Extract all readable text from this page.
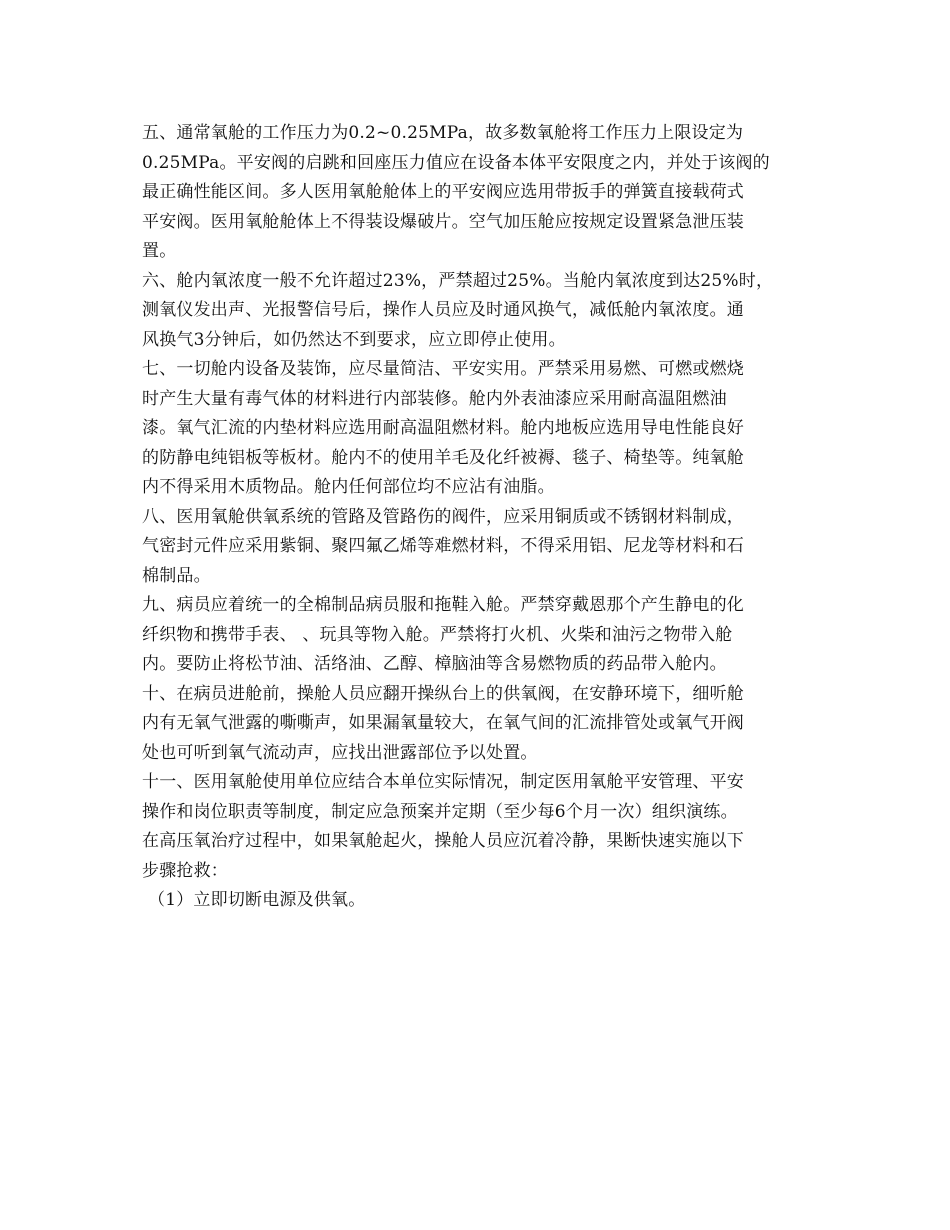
五、通常氧舱的工作压力为0.2~0.25MPa，故多数氧舱将工作压力上限设定为
0.25MPa。平安阀的启跳和回座压力值应在设备本体平安限度之内，并处于该阀的
最正确性能区间。多人医用氧舱舱体上的平安阀应选用带扳手的弹簧直接载荷式
平安阀。医用氧舱舱体上不得装设爆破片。空气加压舱应按规定设置紧急泄压装
置。
六、舱内氧浓度一般不允许超过23%，严禁超过25%。当舱内氧浓度到达25%时，
测氧仪发出声、光报警信号后，操作人员应及时通风换气，减低舱内氧浓度。通
风换气3分钟后，如仍然达不到要求，应立即停止使用。
七、一切舱内设备及装饰，应尽量简洁、平安实用。严禁采用易燃、可燃或燃烧
时产生大量有毒气体的材料进行内部装修。舱内外表油漆应采用耐高温阻燃油
漆。氧气汇流的内垫材料应选用耐高温阻燃材料。舱内地板应选用导电性能良好
的防静电纯铝板等板材。舱内不的使用羊毛及化纤被褥、毯子、椅垫等。纯氧舱
内不得采用木质物品。舱内任何部位均不应沾有油脂。
八、医用氧舱供氧系统的管路及管路伤的阀件，应采用铜质或不锈钢材料制成，
气密封元件应采用紫铜、聚四氟乙烯等难燃材料，不得采用铝、尼龙等材料和石
棉制品。
九、病员应着统一的全棉制品病员服和拖鞋入舱。严禁穿戴恩那个产生静电的化
纤织物和携带手表、 、玩具等物入舱。严禁将打火机、火柴和油污之物带入舱
内。要防止将松节油、活络油、乙醇、樟脑油等含易燃物质的药品带入舱内。
十、在病员进舱前，操舱人员应翻开操纵台上的供氧阀，在安静环境下，细听舱
内有无氧气泄露的嘶嘶声，如果漏氧量较大，在氧气间的汇流排管处或氧气开阀
处也可听到氧气流动声，应找出泄露部位予以处置。
十一、医用氧舱使用单位应结合本单位实际情况，制定医用氧舱平安管理、平安
操作和岗位职责等制度，制定应急预案并定期（至少每6个月一次）组织演练。
在高压氧治疗过程中，如果氧舱起火，操舱人员应沉着冷静，果断快速实施以下
步骤抢救：
（1）立即切断电源及供氧。
